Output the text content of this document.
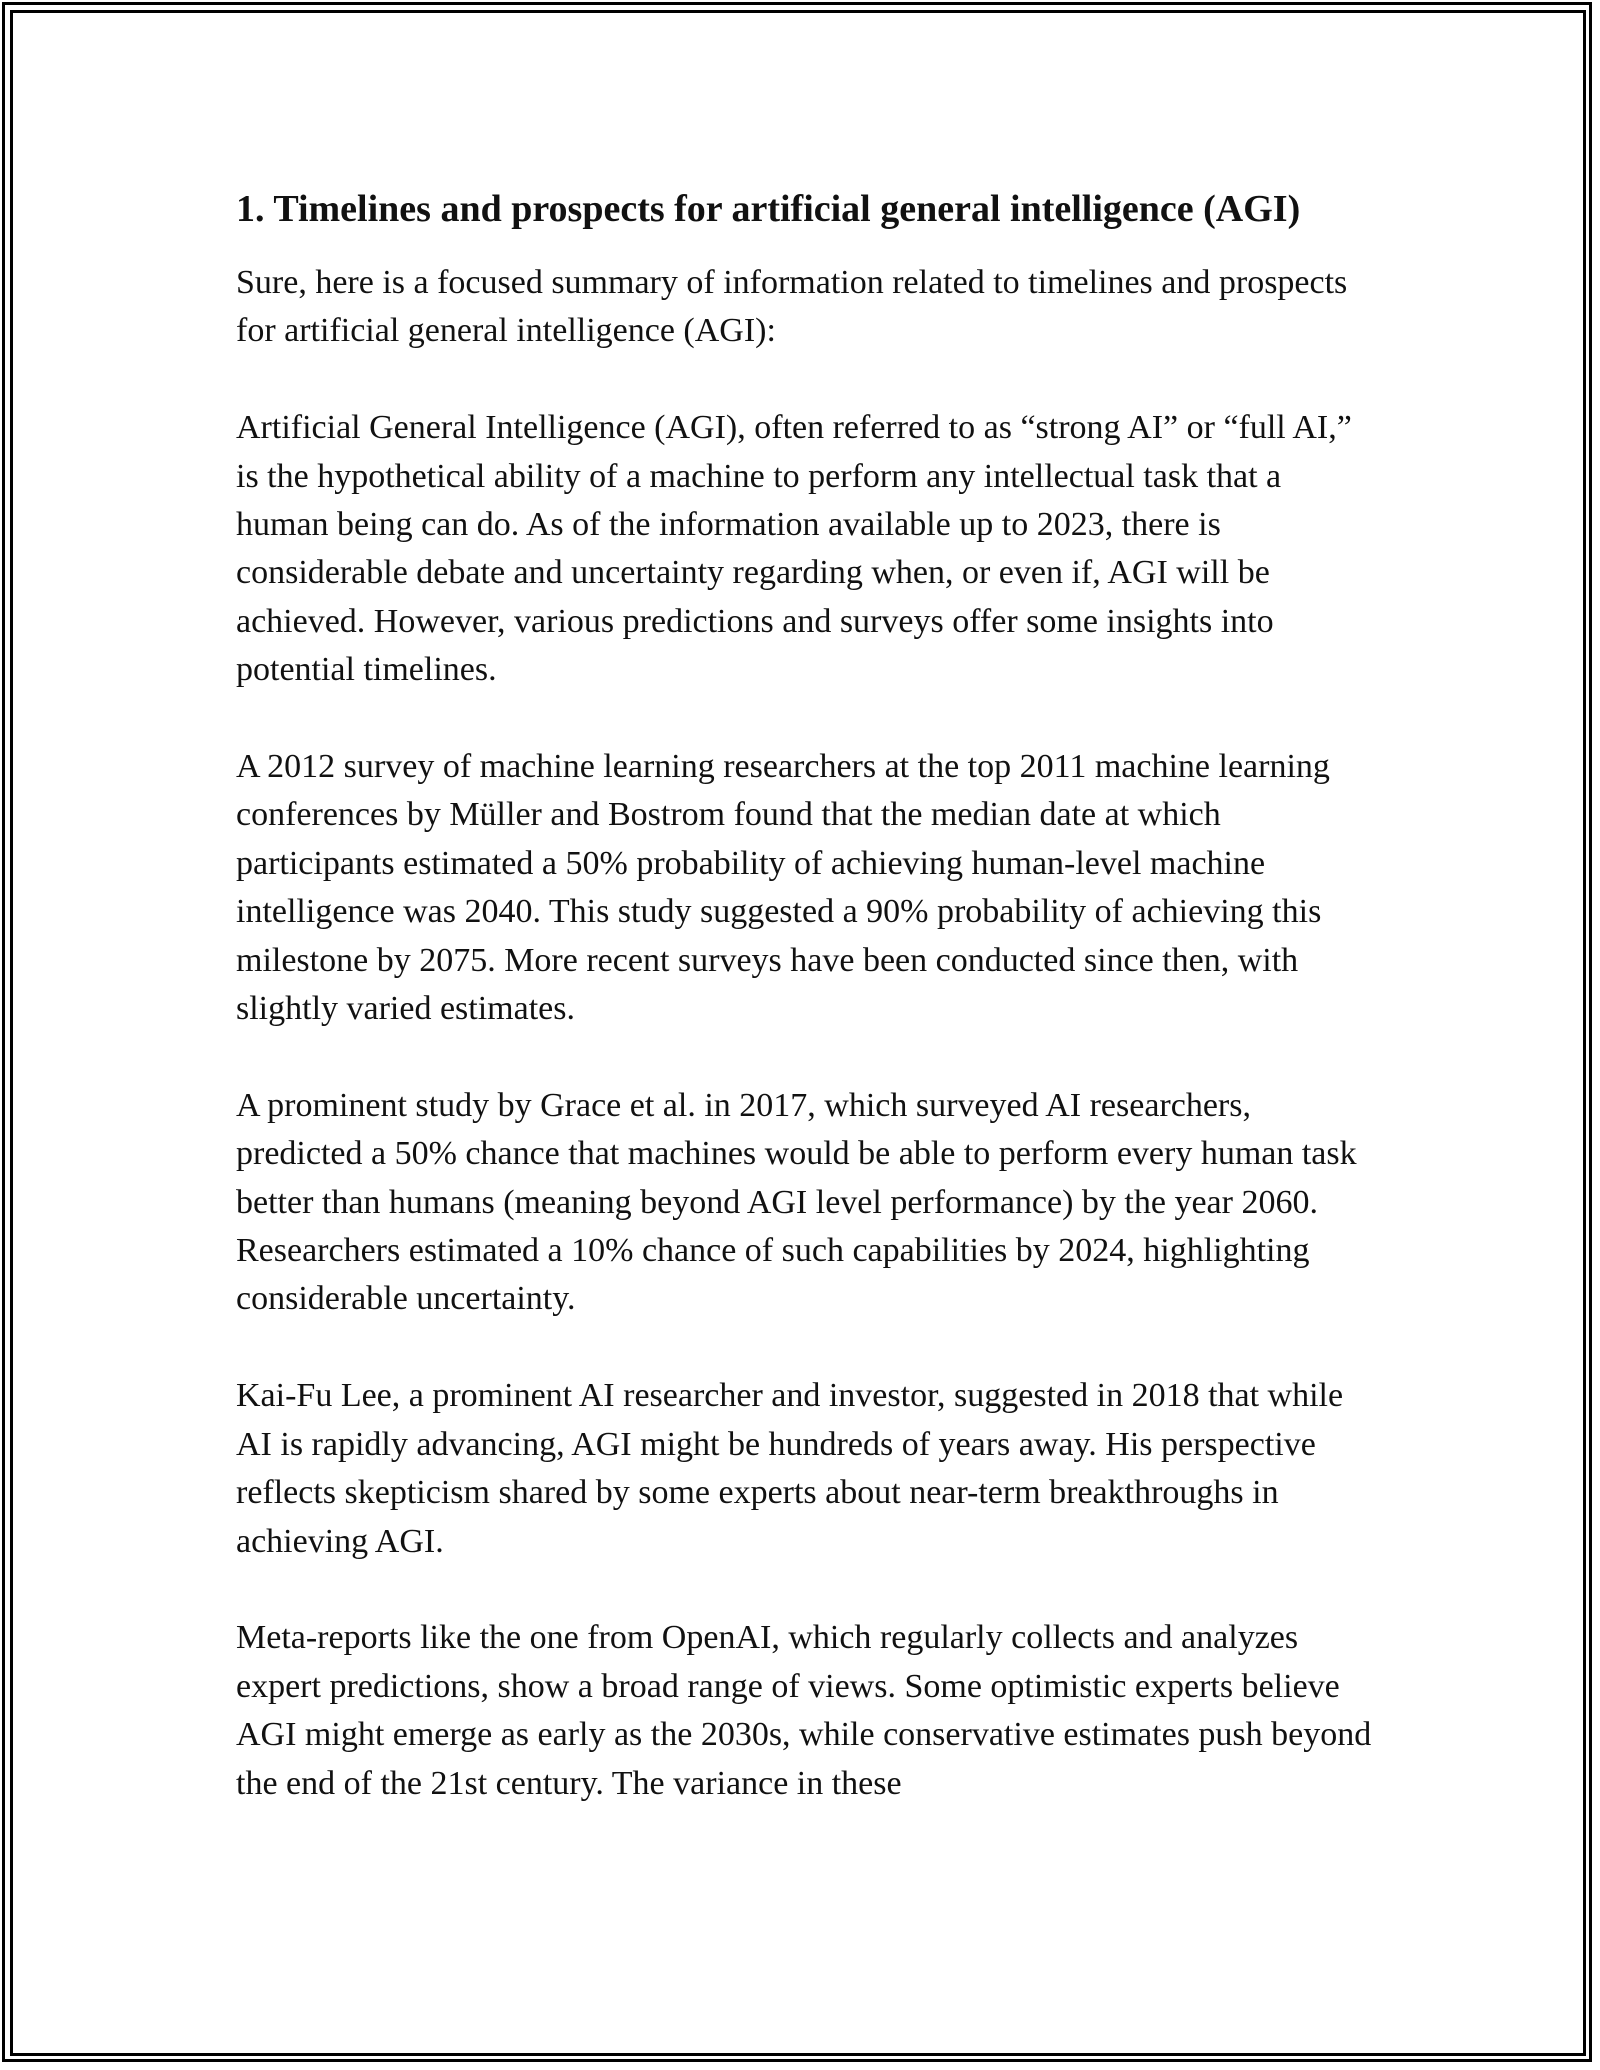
1. Timelines and prospects for artificial general intelligence (AGI)

Sure, here is a focused summary of information related to timelines and prospects for artificial general intelligence (AGI):

Artificial General Intelligence (AGI), often referred to as “strong AI” or “full AI,” is the hypothetical ability of a machine to perform any intellectual task that a human being can do. As of the information available up to 2023, there is considerable debate and uncertainty regarding when, or even if, AGI will be achieved. However, various predictions and surveys offer some insights into potential timelines.

A 2012 survey of machine learning researchers at the top 2011 machine learning conferences by Müller and Bostrom found that the median date at which participants estimated a 50% probability of achieving human-level machine intelligence was 2040. This study suggested a 90% probability of achieving this milestone by 2075. More recent surveys have been conducted since then, with slightly varied estimates.

A prominent study by Grace et al. in 2017, which surveyed AI researchers, predicted a 50% chance that machines would be able to perform every human task better than humans (meaning beyond AGI level performance) by the year 2060. Researchers estimated a 10% chance of such capabilities by 2024, highlighting considerable uncertainty.

Kai-Fu Lee, a prominent AI researcher and investor, suggested in 2018 that while AI is rapidly advancing, AGI might be hundreds of years away. His perspective reflects skepticism shared by some experts about near-term breakthroughs in achieving AGI.

Meta-reports like the one from OpenAI, which regularly collects and analyzes expert predictions, show a broad range of views. Some optimistic experts believe AGI might emerge as early as the 2030s, while conservative estimates push beyond the end of the 21st century. The variance in these
